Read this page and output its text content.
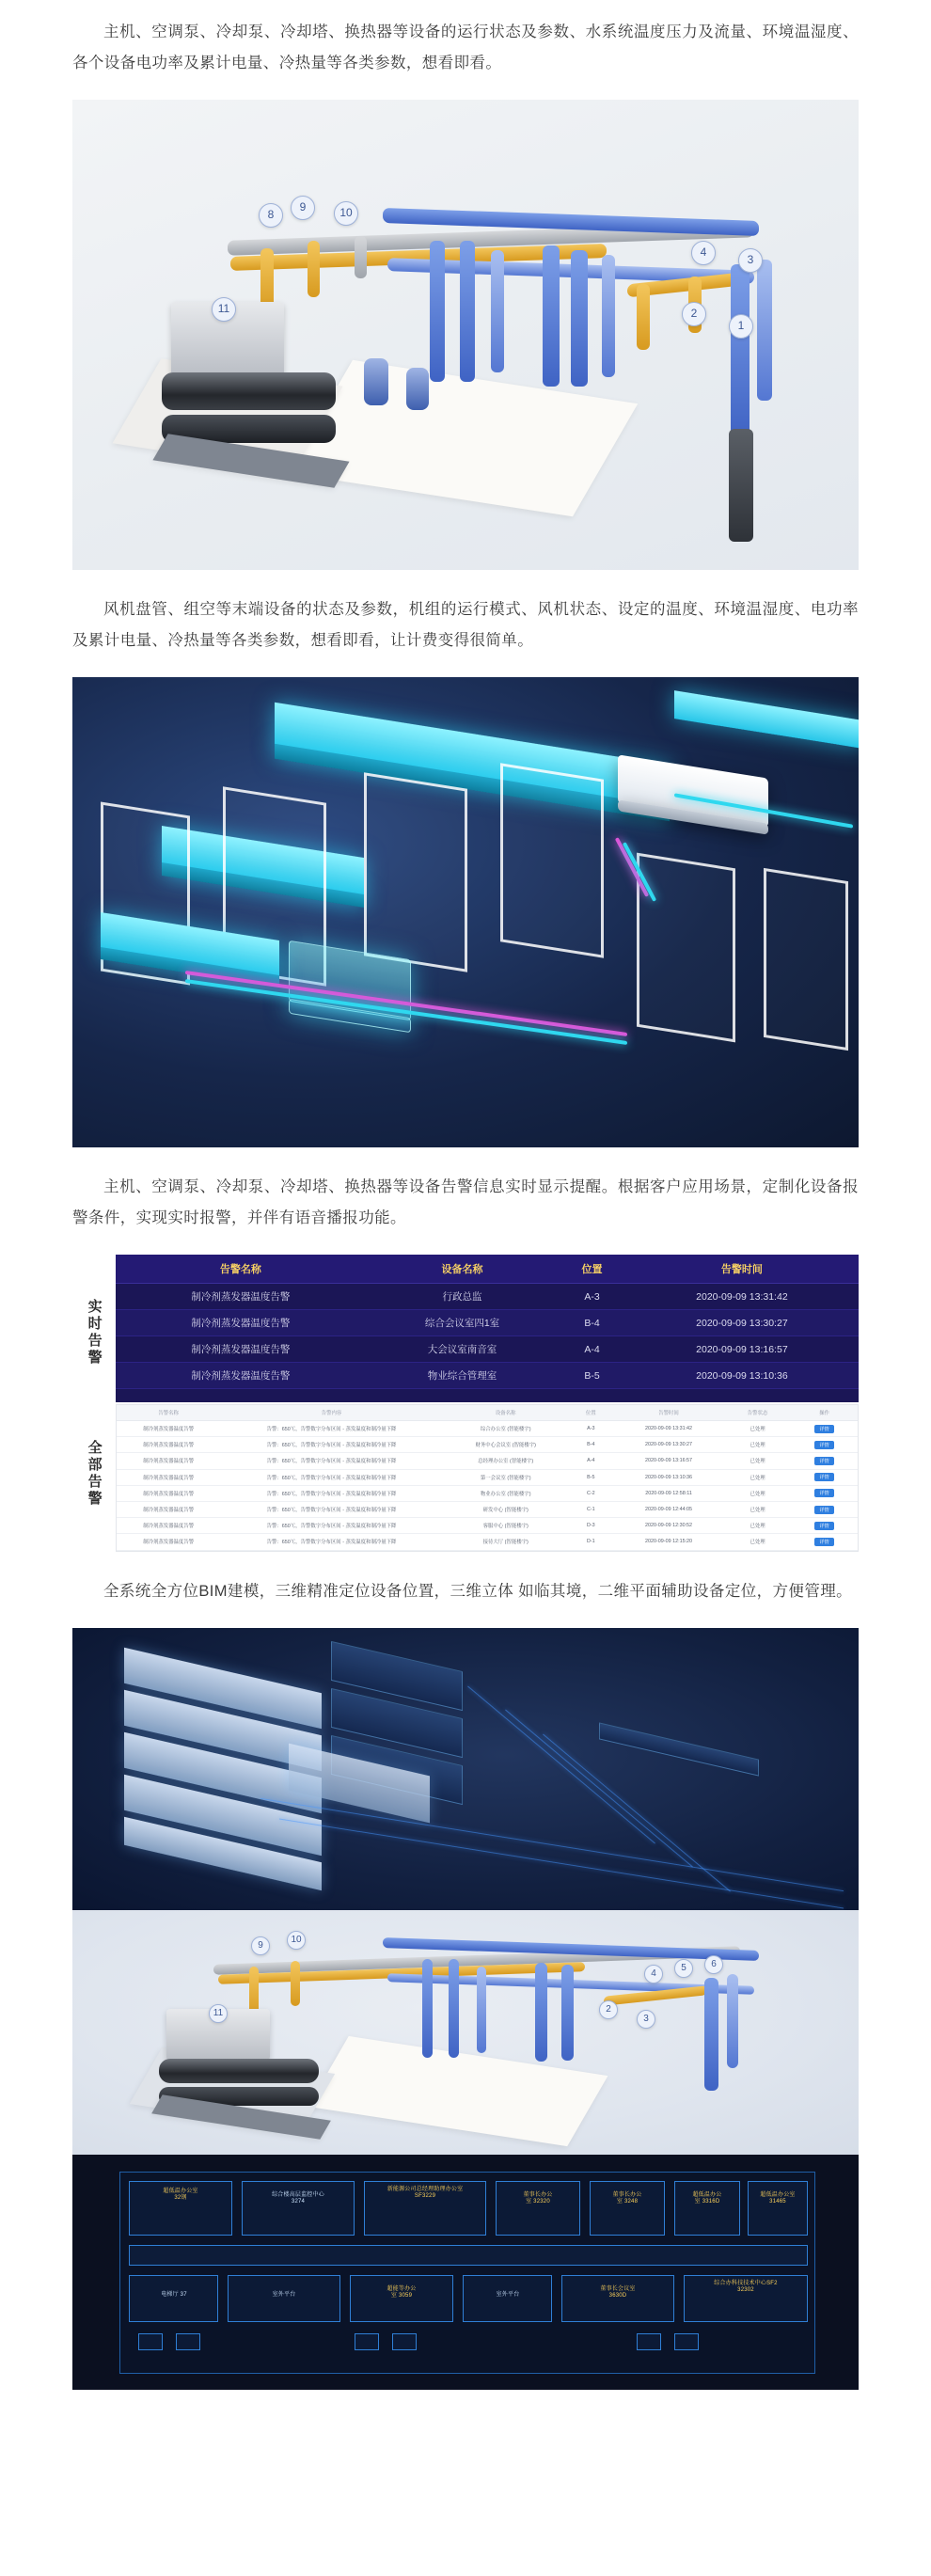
主机、空调泵、冷却泵、冷却塔、换热器等设备的运行状态及参数、水系统温度压力及流量、环境温湿度、各个设备电功率及累计电量、冷热量等各类参数，想看即看。

8
9	10
11
4
3
2
1

风机盘管、组空等末端设备的状态及参数，机组的运行模式、风机状态、设定的温度、环境温湿度、电功率及累计电量、冷热量等各类参数，想看即看，让计费变得很简单。

主机、空调泵、冷却泵、冷却塔、换热器等设备告警信息实时显示提醒。根据客户应用场景，定制化设备报警条件，实现实时报警，并伴有语音播报功能。

实时告警
全部告警
告警名称	设备名称	位置	告警时间
制冷剂蒸发器温度告警	行政总监	A-3	2020-09-09 13:31:42
制冷剂蒸发器温度告警	综合会议室四1室	B-4	2020-09-09 13:30:27
制冷剂蒸发器温度告警	大会议室南音室	A-4	2020-09-09 13:16:57
制冷剂蒸发器温度告警	物业综合管理室	B-5	2020-09-09 13:10:36
告警名称	告警内容	设备名称	位置	告警时间	告警状态	操作
制冷剂蒸发器温度告警	告警：650℃，告警数字分布区间 - 蒸发温度和制冷量下降	综合办公室 (智能楼宇)	A-3	2020-09-09 13:31:42	已处理	详情
制冷剂蒸发器温度告警	告警：650℃，告警数字分布区间 - 蒸发温度和制冷量下降	财务中心会议室 (智能楼宇)	B-4	2020-09-09 13:30:27	已处理	详情
制冷剂蒸发器温度告警	告警：650℃，告警数字分布区间 - 蒸发温度和制冷量下降	总经理办公室 (智能楼宇)	A-4	2020-09-09 13:16:57	已处理	详情
制冷剂蒸发器温度告警	告警：650℃，告警数字分布区间 - 蒸发温度和制冷量下降	第一会议室 (智能楼宇)	B-5	2020-09-09 13:10:36	已处理	详情
制冷剂蒸发器温度告警	告警：650℃，告警数字分布区间 - 蒸发温度和制冷量下降	物业办公室 (智能楼宇)	C-2	2020-09-09 12:58:11	已处理	详情
制冷剂蒸发器温度告警	告警：650℃，告警数字分布区间 - 蒸发温度和制冷量下降	研发中心 (智能楼宇)	C-1	2020-09-09 12:44:05	已处理	详情
制冷剂蒸发器温度告警	告警：650℃，告警数字分布区间 - 蒸发温度和制冷量下降	客服中心 (智能楼宇)	D-3	2020-09-09 12:30:52	已处理	详情
制冷剂蒸发器温度告警	告警：650℃，告警数字分布区间 - 蒸发温度和制冷量下降	接待大厅 (智能楼宇)	D-1	2020-09-09 12:15:20	已处理	详情

全系统全方位BIM建模，三维精准定位设备位置，三维立体 如临其境，二维平面辅助设备定位，方便管理。

9
10
11
4
5	6
2
3
超低温办公室
32钢
综合楼高层监控中心
3274
新能源公司总经理助理办公室
SF3229	董事长办公
室 32320
董事长办公
室 3248
超低温办公
室 3316D
超低温办公室
31465
电梯厅 37	室外平台
超能等办公
室 3059	室外平台
董事长会议室
3630D
综合办科技技术中心SF2
32302
